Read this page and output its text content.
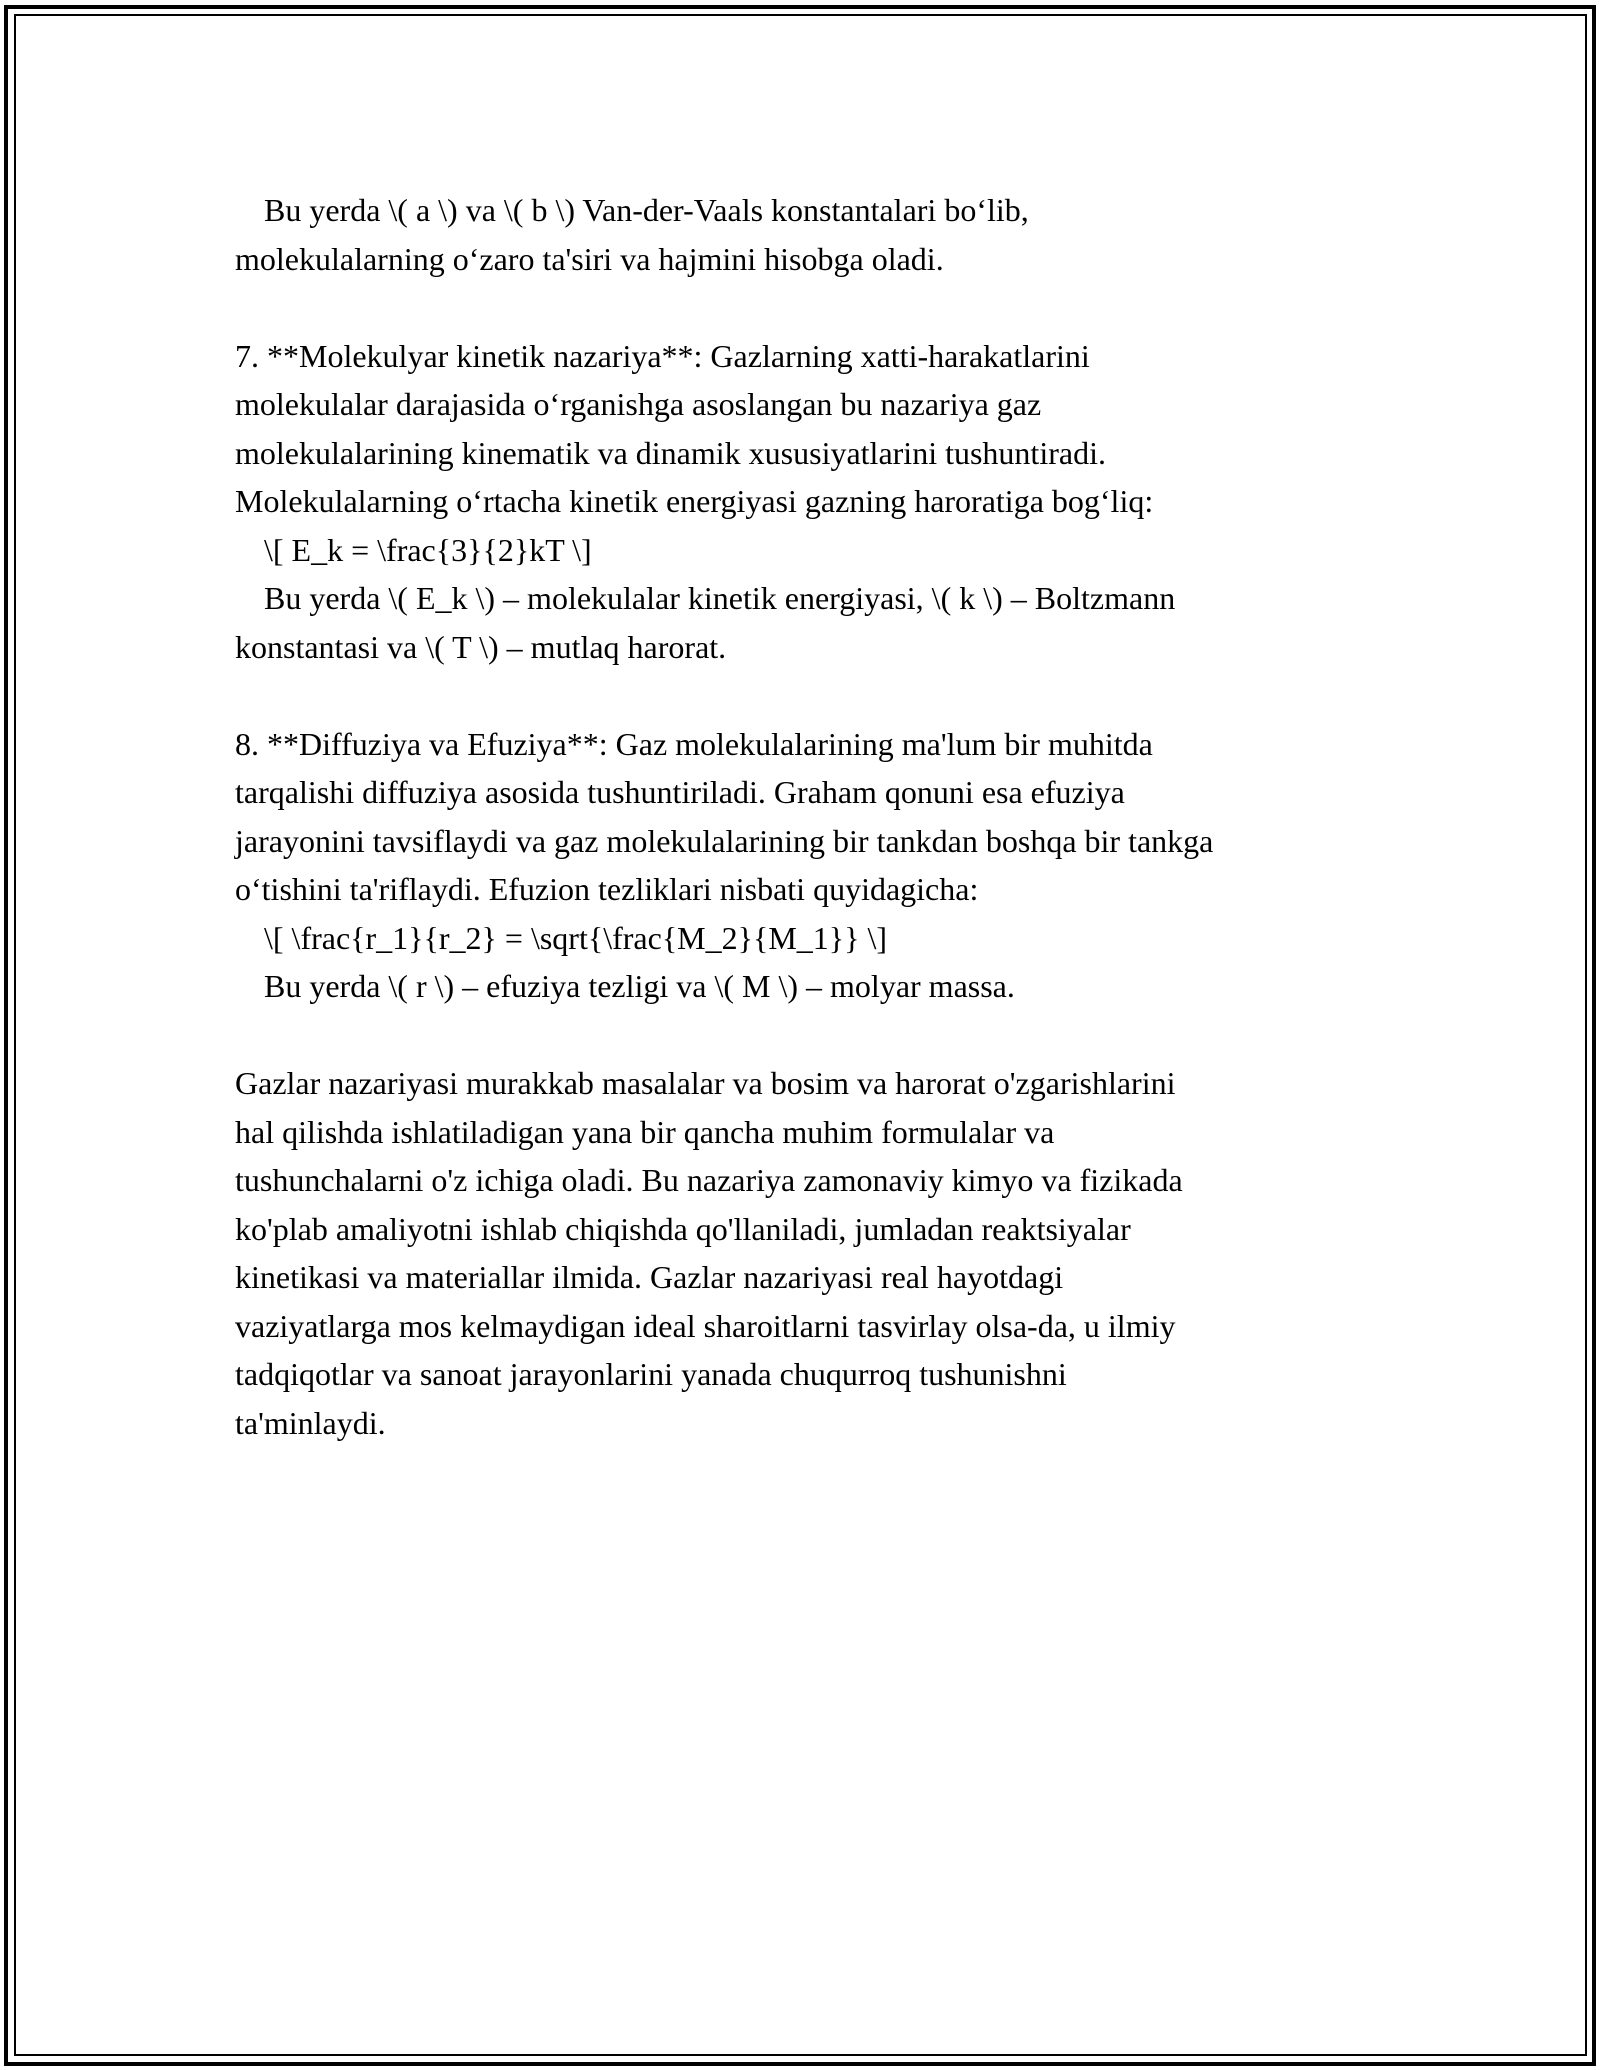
Bu yerda \( a \) va \( b \) Van-der-Vaals konstantalari bo‘lib,
molekulalarning o‘zaro ta'siri va hajmini hisobga oladi.
7. **Molekulyar kinetik nazariya**: Gazlarning xatti-harakatlarini
molekulalar darajasida o‘rganishga asoslangan bu nazariya gaz
molekulalarining kinematik va dinamik xususiyatlarini tushuntiradi.
Molekulalarning o‘rtacha kinetik energiyasi gazning haroratiga bog‘liq:
\[ E_k = \frac{3}{2}kT \]
Bu yerda \( E_k \) – molekulalar kinetik energiyasi, \( k \) – Boltzmann
konstantasi va \( T \) – mutlaq harorat.
8. **Diffuziya va Efuziya**: Gaz molekulalarining ma'lum bir muhitda
tarqalishi diffuziya asosida tushuntiriladi. Graham qonuni esa efuziya
jarayonini tavsiflaydi va gaz molekulalarining bir tankdan boshqa bir tankga
o‘tishini ta'riflaydi. Efuzion tezliklari nisbati quyidagicha:
\[ \frac{r_1}{r_2} = \sqrt{\frac{M_2}{M_1}} \]
Bu yerda \( r \) – efuziya tezligi va \( M \) – molyar massa.
Gazlar nazariyasi murakkab masalalar va bosim va harorat o'zgarishlarini
hal qilishda ishlatiladigan yana bir qancha muhim formulalar va
tushunchalarni o'z ichiga oladi. Bu nazariya zamonaviy kimyo va fizikada
ko'plab amaliyotni ishlab chiqishda qo'llaniladi, jumladan reaktsiyalar
kinetikasi va materiallar ilmida. Gazlar nazariyasi real hayotdagi
vaziyatlarga mos kelmaydigan ideal sharoitlarni tasvirlay olsa-da, u ilmiy
tadqiqotlar va sanoat jarayonlarini yanada chuqurroq tushunishni
ta'minlaydi.
